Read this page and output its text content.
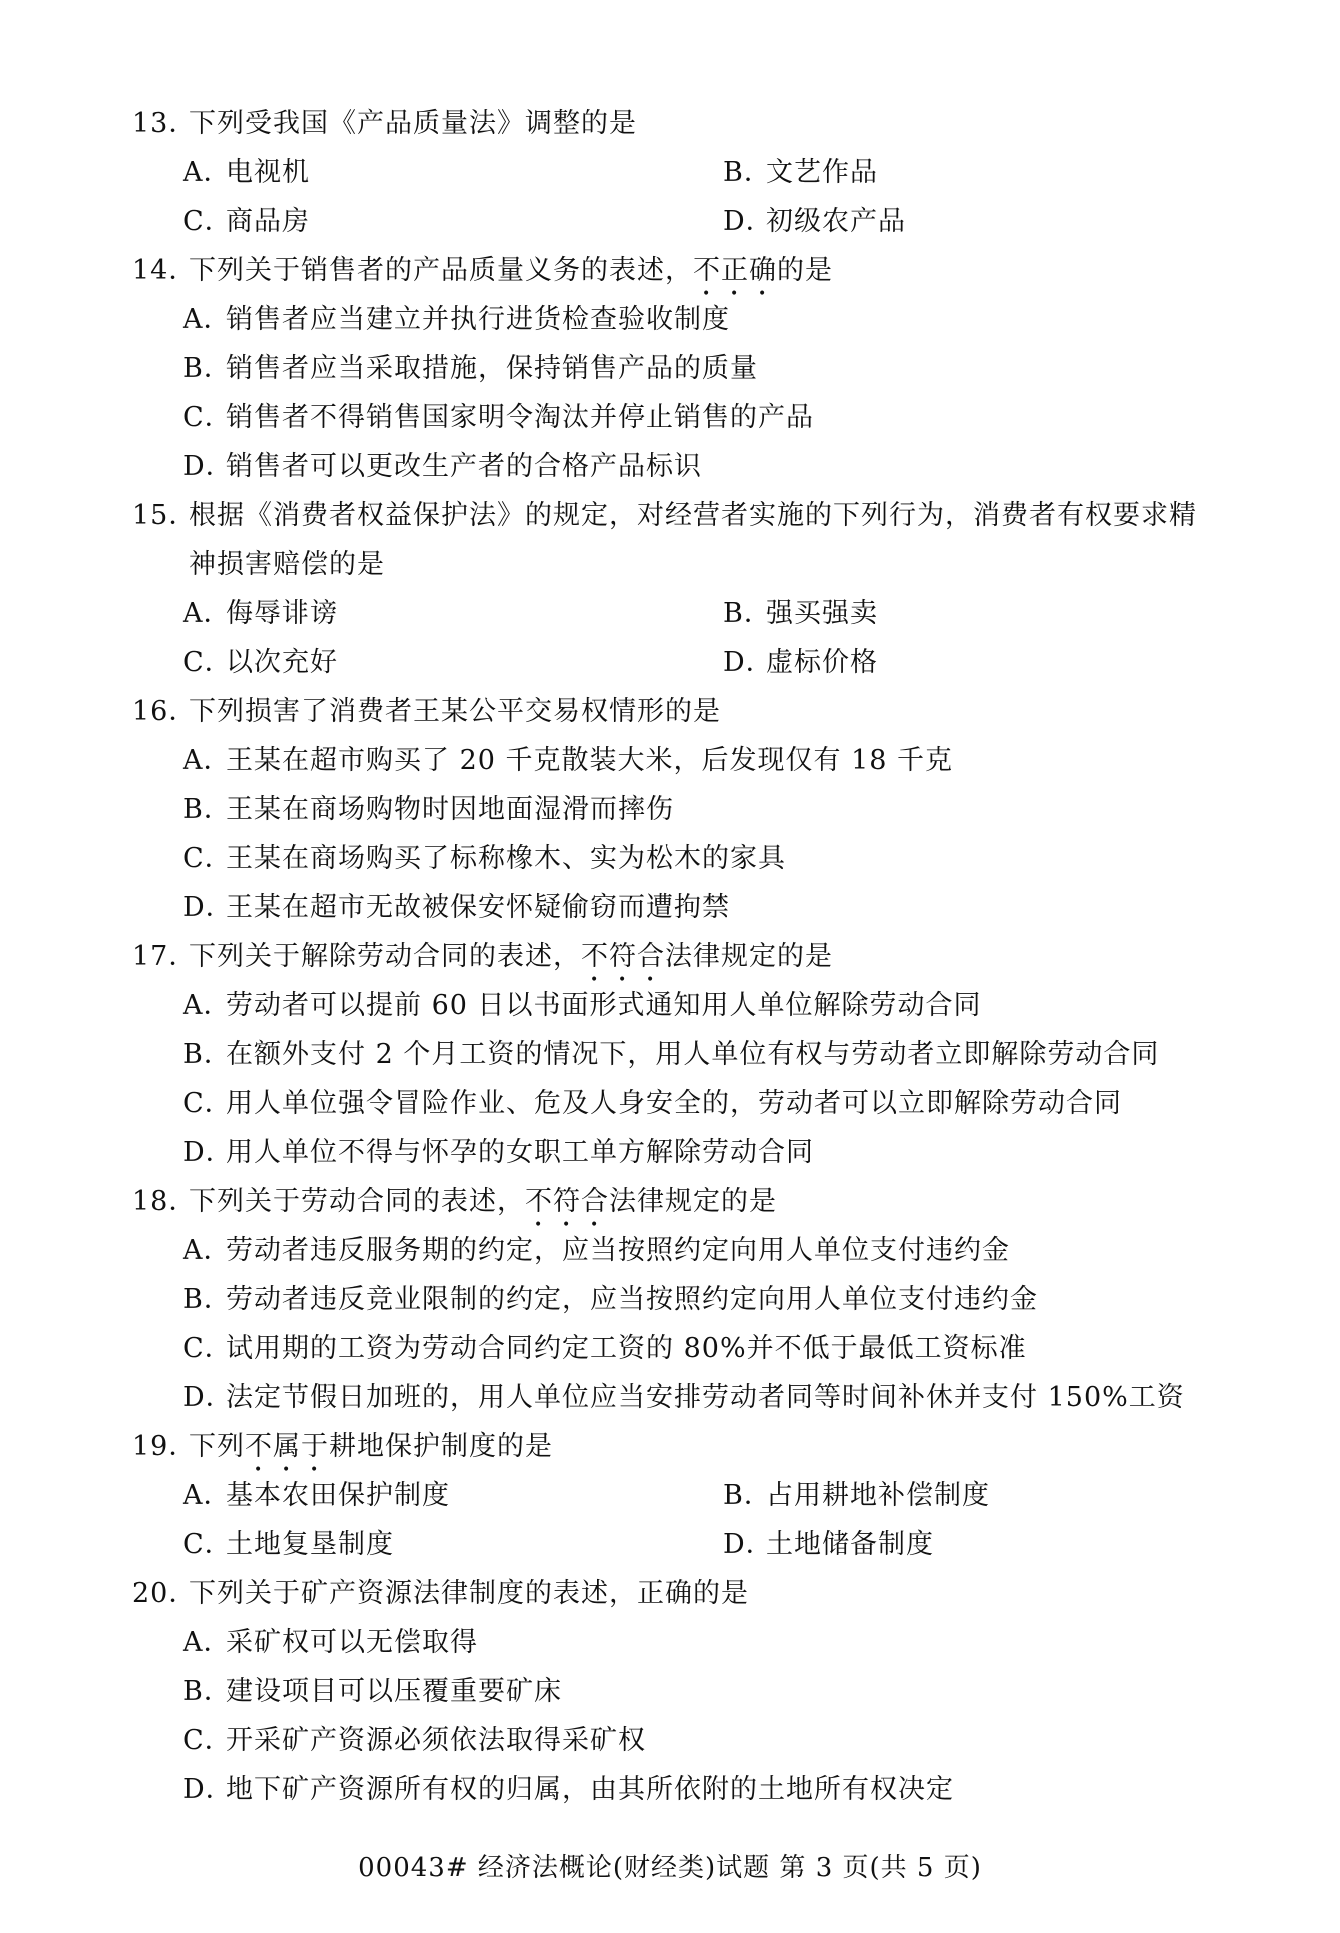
13．
下列受我国《产品质量法》调整的是
A．
电视机	B．
文艺作品
C．
商品房	D．
初级农产品
14．
下列关于销售者的产品质量义务的表述，不正确的是
A．
销售者应当建立并执行进货检查验收制度
B．
销售者应当采取措施，保持销售产品的质量
C．
销售者不得销售国家明令淘汰并停止销售的产品
D．
销售者可以更改生产者的合格产品标识
15．
根据《消费者权益保护法》的规定，对经营者实施的下列行为，消费者有权要求精
神损害赔偿的是
A．
侮辱诽谤	B．
强买强卖
C．
以次充好	D．
虚标价格
16．
下列损害了消费者王某公平交易权情形的是
A．
王某在超市购买了 20 千克散装大米，后发现仅有 18 千克
B．
王某在商场购物时因地面湿滑而摔伤
C．
王某在商场购买了标称橡木、实为松木的家具
D．
王某在超市无故被保安怀疑偷窃而遭拘禁
17．
下列关于解除劳动合同的表述，不符合法律规定的是
A．
劳动者可以提前 60 日以书面形式通知用人单位解除劳动合同
B．
在额外支付 2 个月工资的情况下，用人单位有权与劳动者立即解除劳动合同
C．
用人单位强令冒险作业、危及人身安全的，劳动者可以立即解除劳动合同
D．
用人单位不得与怀孕的女职工单方解除劳动合同
18．
下列关于劳动合同的表述，不符合法律规定的是
A．
劳动者违反服务期的约定，应当按照约定向用人单位支付违约金
B．
劳动者违反竞业限制的约定，应当按照约定向用人单位支付违约金
C．
试用期的工资为劳动合同约定工资的 80%并不低于最低工资标准
D．
法定节假日加班的，用人单位应当安排劳动者同等时间补休并支付 150%工资
19．
下列不属于耕地保护制度的是
A．
基本农田保护制度	B．
占用耕地补偿制度
C．
土地复垦制度	D．
土地储备制度
20．
下列关于矿产资源法律制度的表述，正确的是
A．
采矿权可以无偿取得
B．
建设项目可以压覆重要矿床
C．
开采矿产资源必须依法取得采矿权
D．
地下矿产资源所有权的归属，由其所依附的土地所有权决定
00043# 经济法概论(财经类)试题 第 3 页(共 5 页)
